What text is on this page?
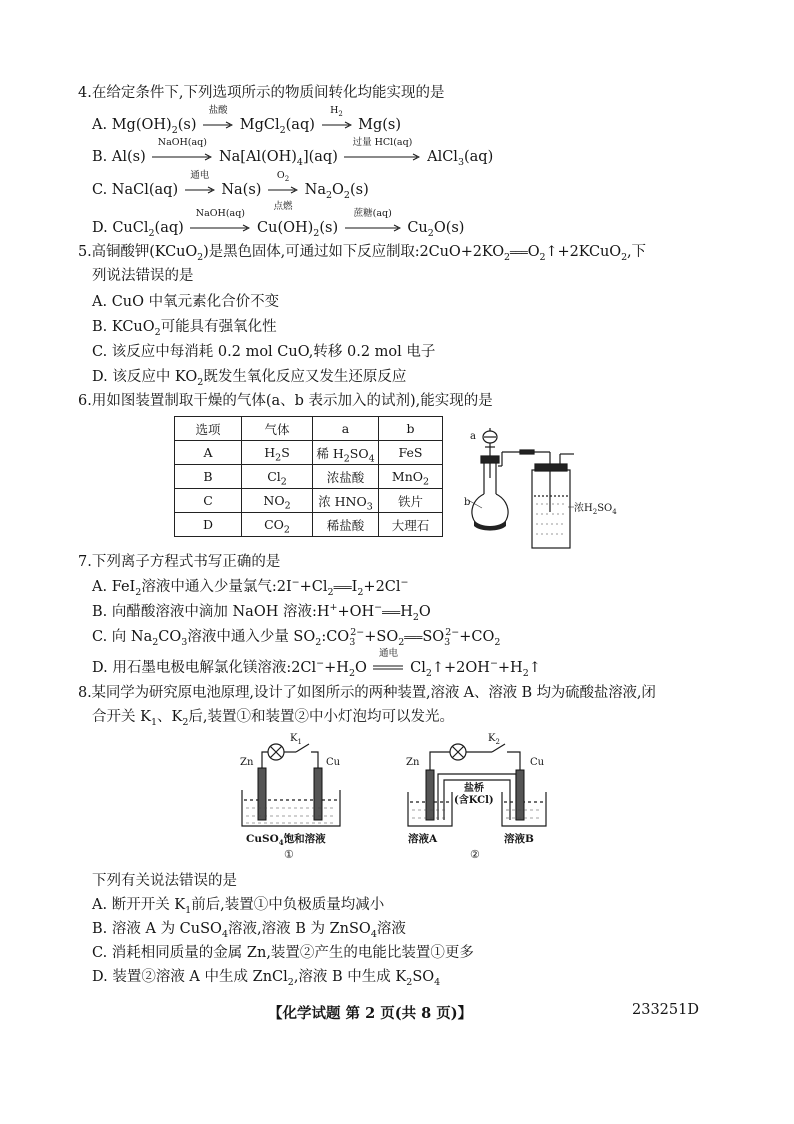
4.在给定条件下,下列选项所示的物质间转化均能实现的是
A. $Mg(OH)_2(s)$
盐酸
MgCl$_2$(aq)
$H_2$
Mg(s)
B. Al(s)
NaOH(aq)
$Na[Al(OH)_4](aq)$
过量 HCl(aq)
AlCl$_3$(aq)
C. NaCl(aq)
通电
Na(s)
$O_2$
点燃
$Na_2O_2(s)$
D. CuCl$_2$(aq)
NaOH(aq)
$Cu(OH)_2(s)$
蔗糖(aq)
$Cu_2O(s)$
5.高铜酸钾(KCuO$_2$)是黑色固体,可通过如下反应制取$:2CuO+2KO_2═══O_2↑+2KCuO_2$,下
列说法错误的是
A. CuO 中氧元素化合价不变
B. KCuO$_2$可能具有强氧化性
C. 该反应中每消耗 0.2 mol CuO,转移 0.2 mol 电子
D. 该反应中 $KO_2$既发生氧化反应又发生还原反应
6.用如图装置制取干燥的气体(a、b 表示加入的试剂),能实现的是
选项	气体	a	b
A	$H_2S$	稀 $H_2SO_4$	FeS
B	$Cl_2$	浓盐酸	MnO$_2$
C	$NO_2$	浓 $HNO_3$	铁片
D	$CO_2$	稀盐酸	大理石
a
b
浓$H_2SO_4$
7.下列离子方程式书写正确的是
A. FeI$_2$溶液中通入少量氯气$:2I^-+Cl_2═══I_2+2Cl^-$
B. 向醋酸溶液中滴加 NaOH 溶液$:H^++OH^-═══H_2O$
C. 向 $Na_2CO_3$溶液中通入少量 $SO_2:CO_3^{2-}+SO_2═══SO_3^{2-}+CO_2$
D. 用石墨电极电解氯化镁溶液$:2Cl^-+H_2O$
通电
$Cl_2↑+2OH^-+H_2↑$
8.某同学为研究原电池原理,设计了如图所示的两种装置,溶液 A、溶液 B 均为硫酸盐溶液,闭
合开关 $K_1$、$K_2$后,装置①和装置②中小灯泡均可以发光。
$K_1$
Zn	Cu
CuSO$_4$饱和溶液
①
$K_2$
Zn	Cu
盐桥
(含KCl)
溶液A	溶液B
②
下列有关说法错误的是
A. 断开开关 $K_1$前后,装置①中负极质量均减小
B. 溶液 A 为 CuSO$_4$溶液,溶液 B 为 ZnSO$_4$溶液
C. 消耗相同质量的金属 Zn,装置②产生的电能比装置①更多
D. 装置②溶液 A 中生成 ZnCl$_2$,溶液 B 中生成 $K_2SO_4$
【化学试题 第 2 页(共 8 页)】	233251D
